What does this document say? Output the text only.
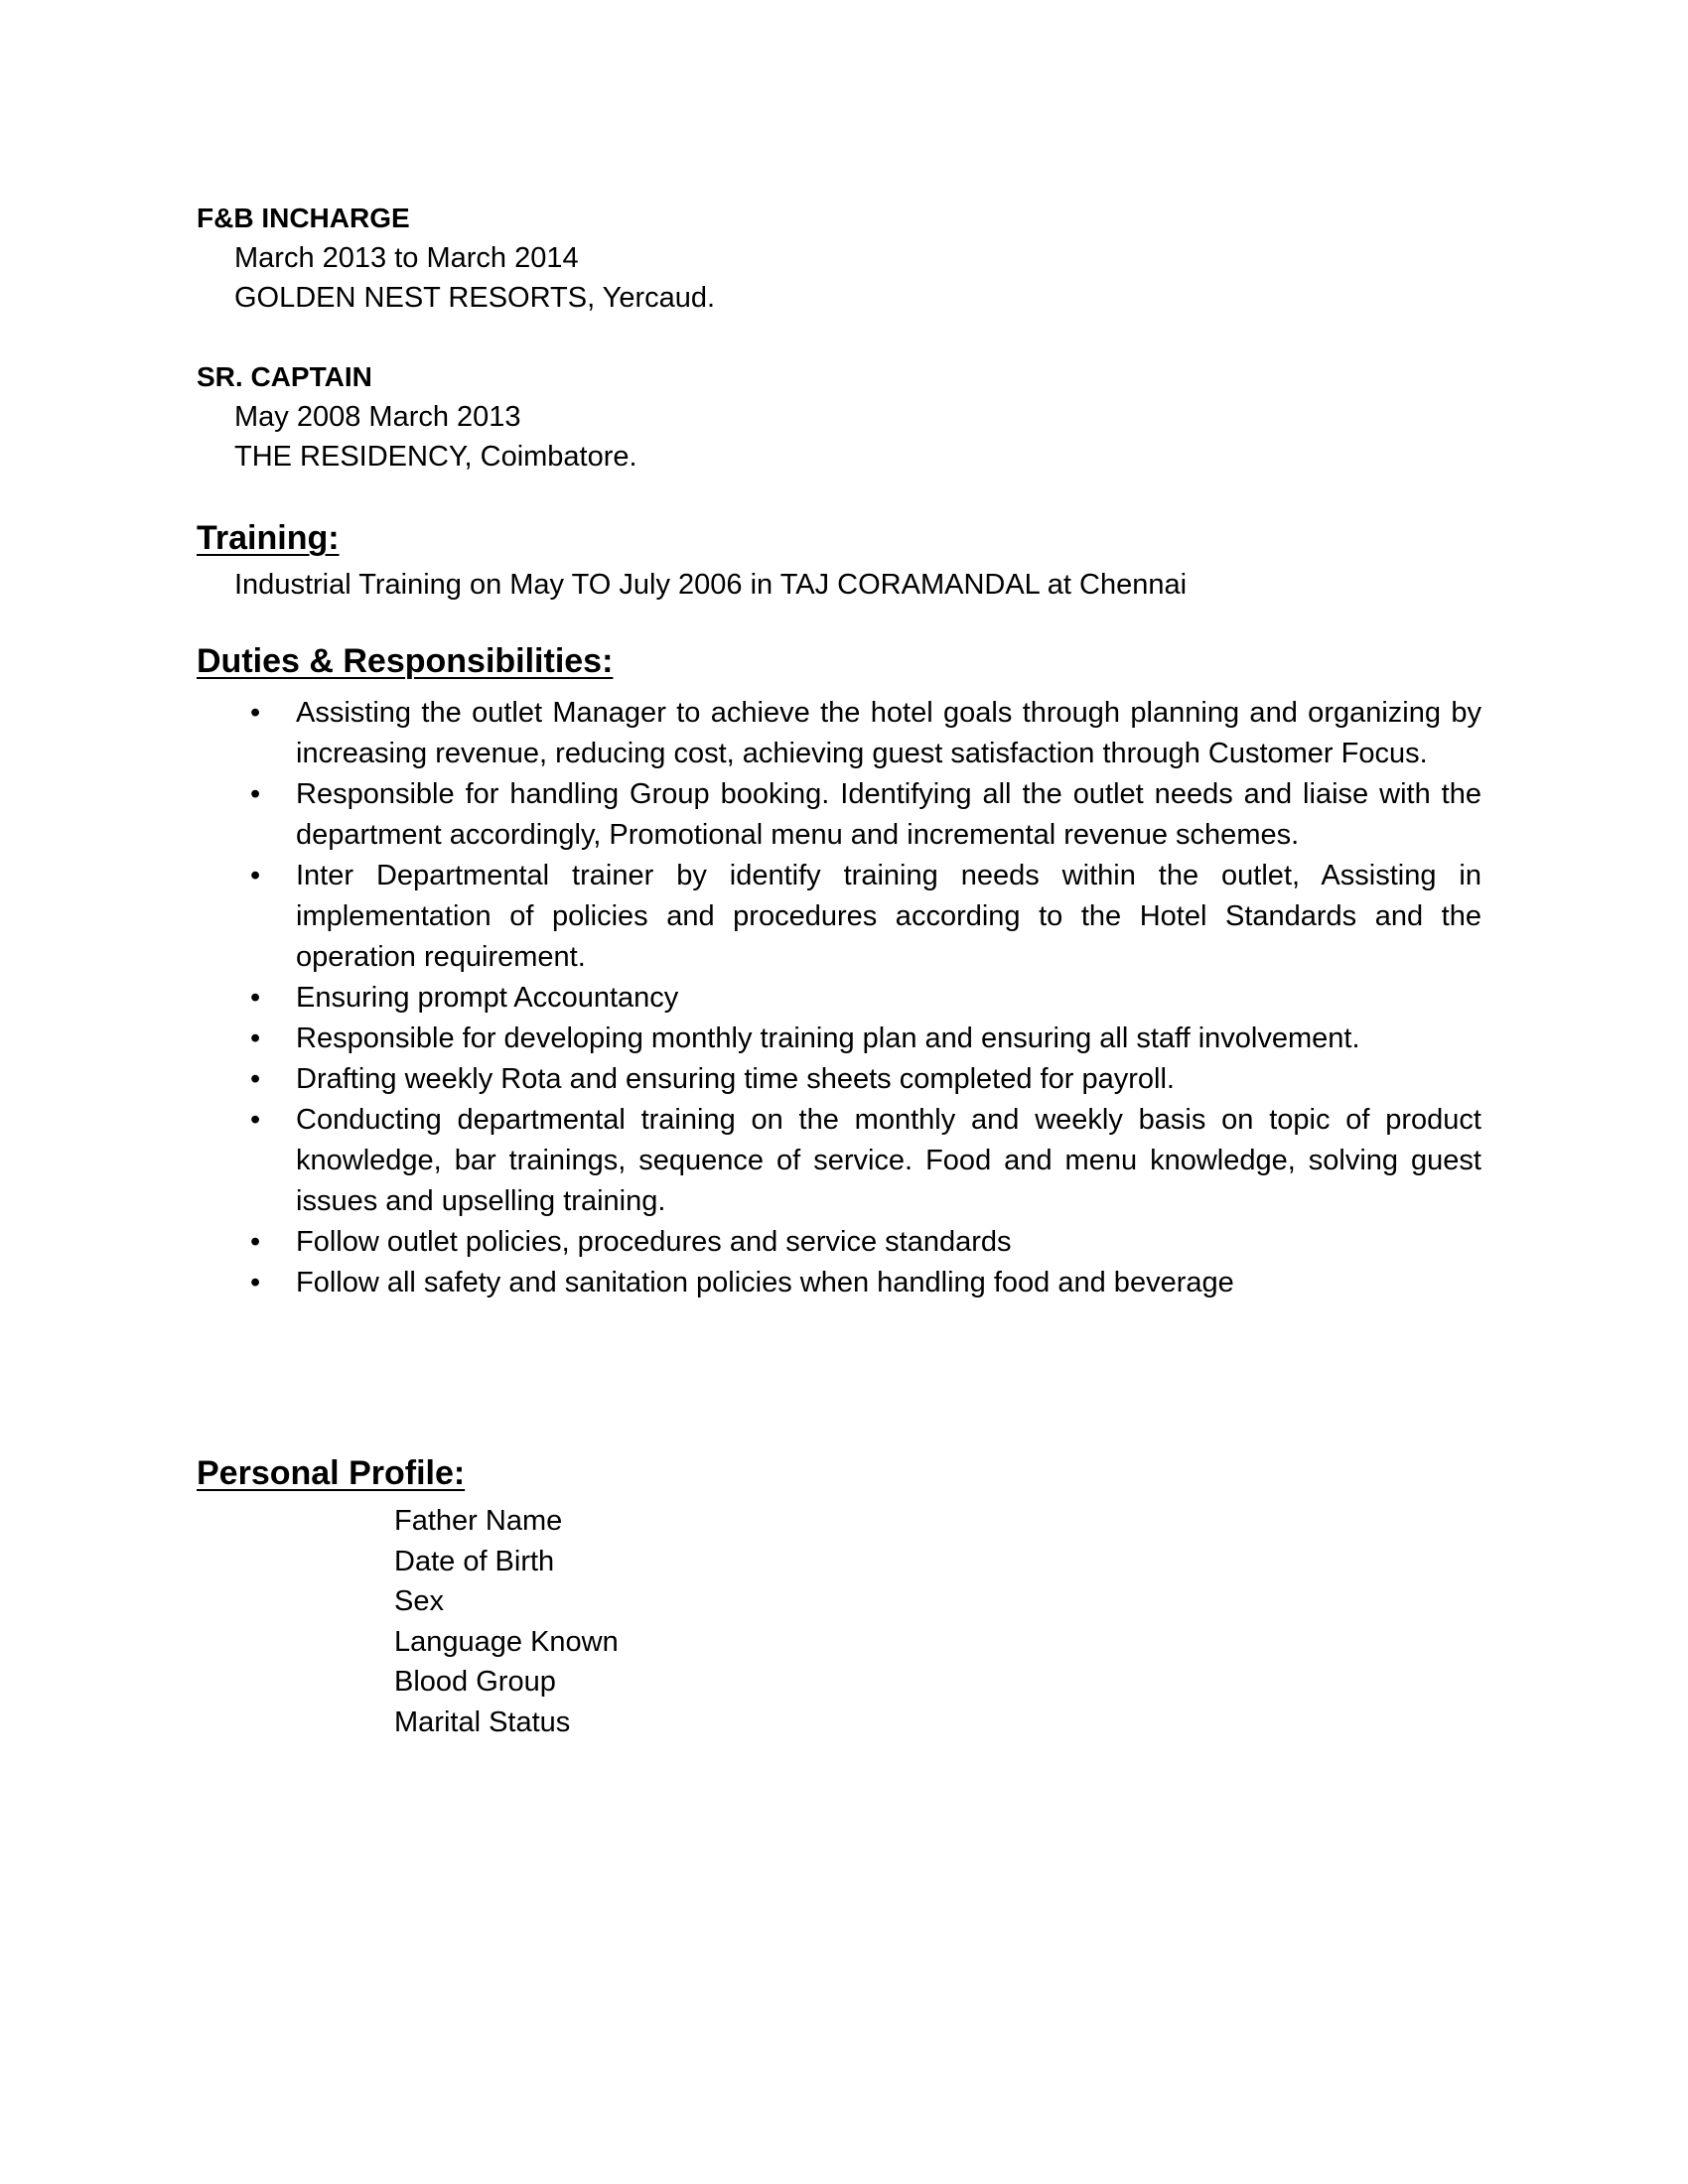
F&B INCHARGE
March 2013 to March 2014
GOLDEN NEST RESORTS, Yercaud.
SR. CAPTAIN
May 2008 March 2013
THE RESIDENCY, Coimbatore.
Training:
Industrial Training on May TO July 2006 in TAJ CORAMANDAL at Chennai
Duties & Responsibilities:
• Assisting the outlet Manager to achieve the hotel goals through planning and organizing by increasing revenue, reducing cost, achieving guest satisfaction through Customer Focus.
• Responsible for handling Group booking. Identifying all the outlet needs and liaise with the department accordingly, Promotional menu and incremental revenue schemes.
• Inter Departmental trainer by identify training needs within the outlet, Assisting in implementation of policies and procedures according to the Hotel Standards and the operation requirement.
• Ensuring prompt Accountancy
• Responsible for developing monthly training plan and ensuring all staff involvement.
• Drafting weekly Rota and ensuring time sheets completed for payroll.
• Conducting departmental training on the monthly and weekly basis on topic of product knowledge, bar trainings, sequence of service. Food and menu knowledge, solving guest issues and upselling training.
• Follow outlet policies, procedures and service standards
• Follow all safety and sanitation policies when handling food and beverage
Personal Profile:
Father Name
Date of Birth
Sex
Language Known
Blood Group
Marital Status
